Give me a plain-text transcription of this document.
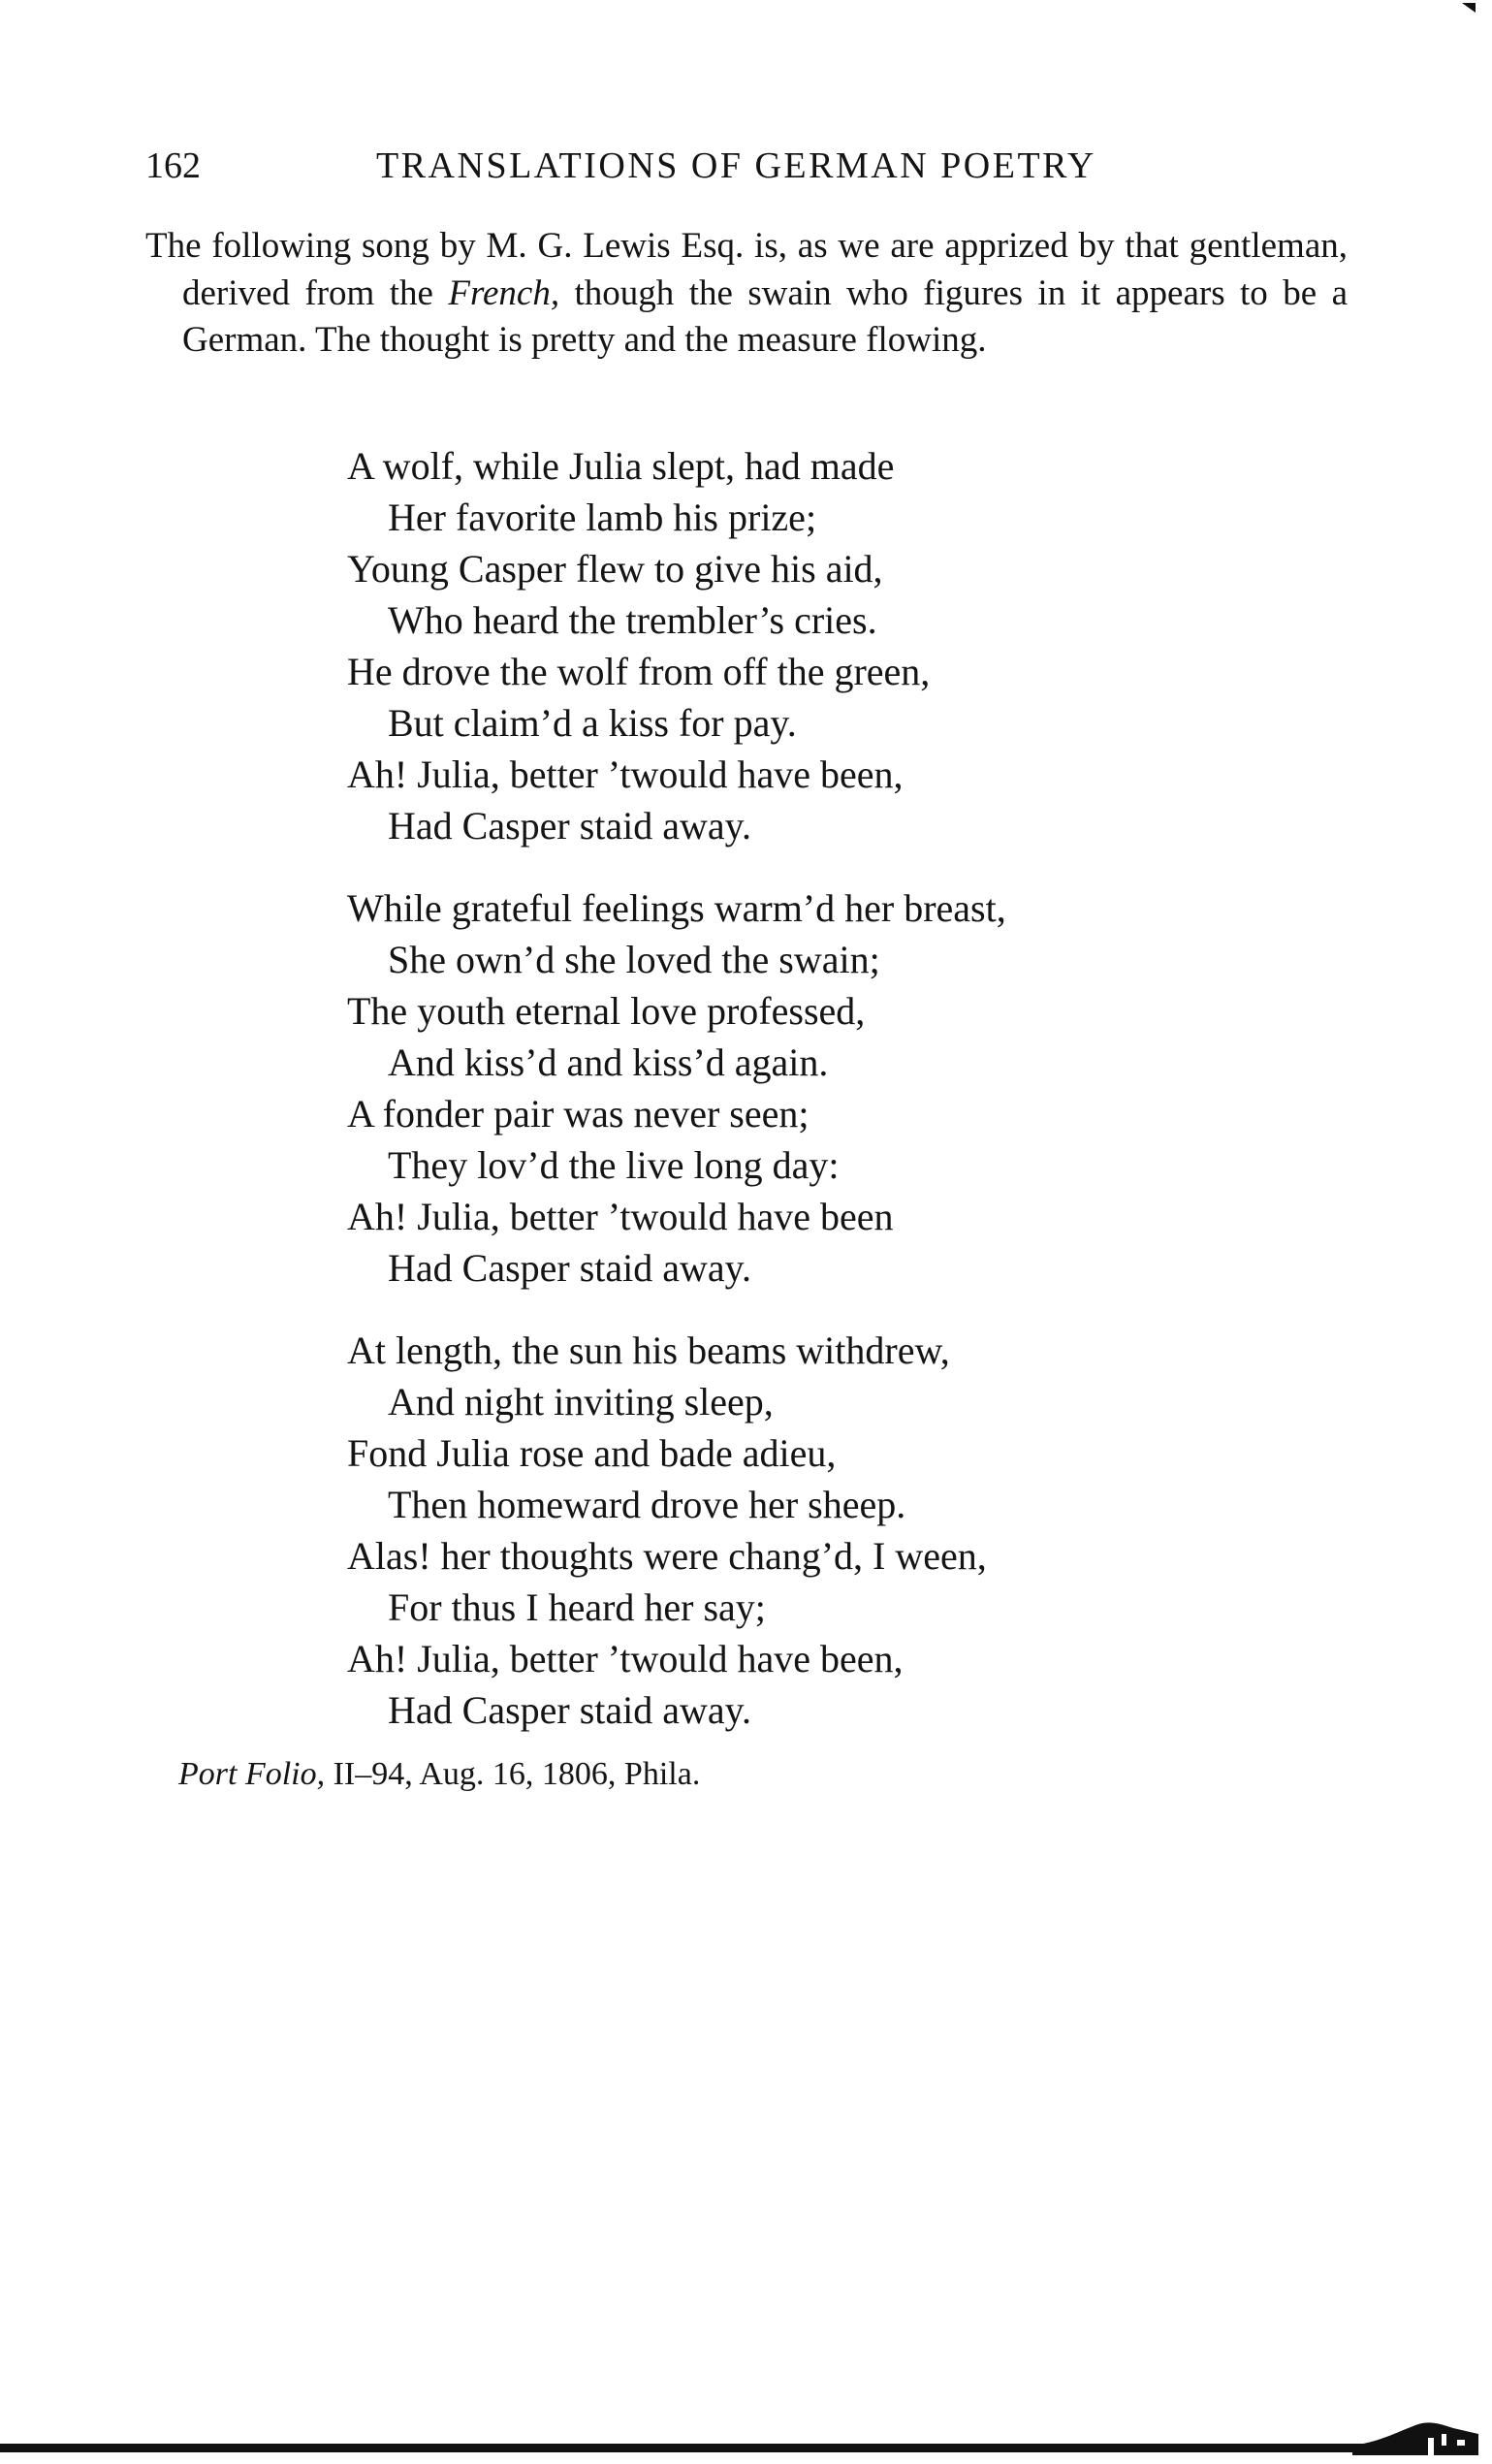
162	TRANSLATIONS OF GERMAN POETRY

The following song by M. G. Lewis Esq. is, as we are apprized by that gentleman, derived from the French, though the swain who figures in it appears to be a German. The thought is pretty and the measure flowing.

A wolf, while Julia slept, had made
Her favorite lamb his prize;
Young Casper flew to give his aid,
Who heard the trembler’s cries.
He drove the wolf from off the green,
But claim’d a kiss for pay.
Ah! Julia, better ’twould have been,
Had Casper staid away.
While grateful feelings warm’d her breast,
She own’d she loved the swain;
The youth eternal love professed,
And kiss’d and kiss’d again.
A fonder pair was never seen;
They lov’d the live long day:
Ah! Julia, better ’twould have been
Had Casper staid away.
At length, the sun his beams withdrew,
And night inviting sleep,
Fond Julia rose and bade adieu,
Then homeward drove her sheep.
Alas! her thoughts were chang’d, I ween,
For thus I heard her say;
Ah! Julia, better ’twould have been,
Had Casper staid away.
Port Folio, II–94, Aug. 16, 1806, Phila.
